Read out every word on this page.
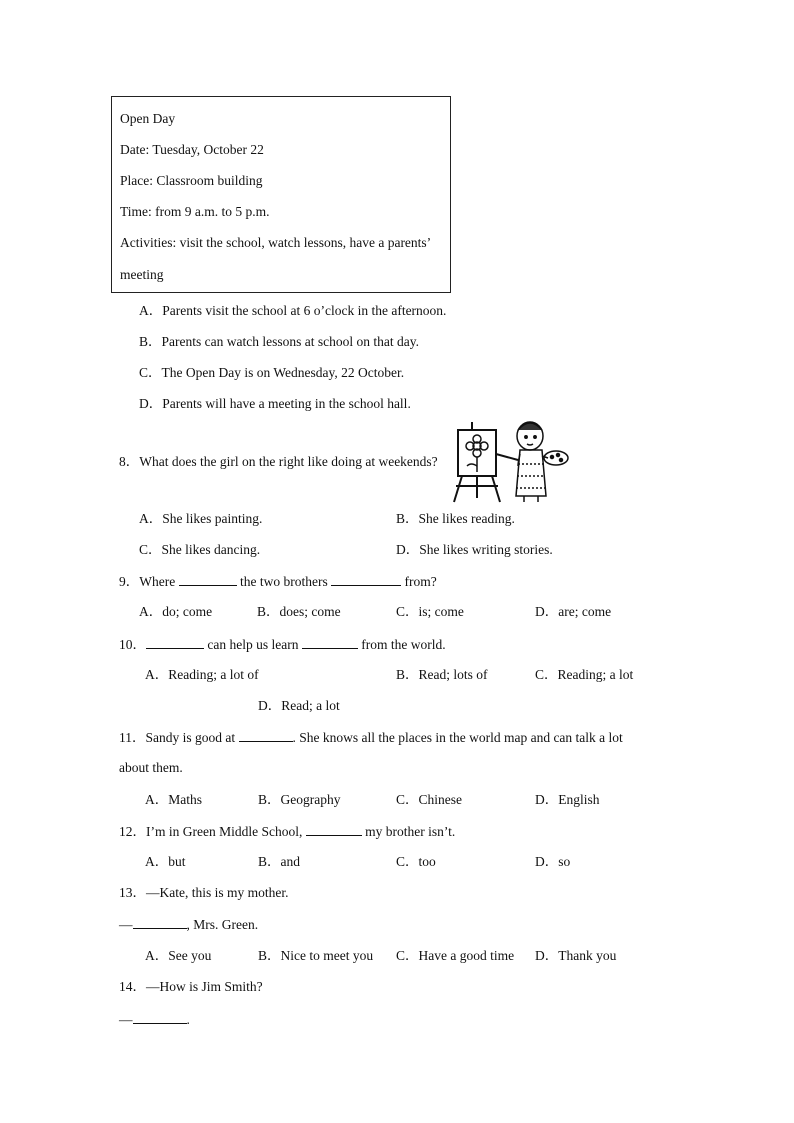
Open Day
Date: Tuesday, October 22
Place: Classroom building
Time: from 9 a.m. to 5 p.m.
Activities: visit the school, watch lessons, have a parents’
meeting
A．Parents visit the school at 6 o’clock in the afternoon.
B．Parents can watch lessons at school on that day.
C．The Open Day is on Wednesday, 22 October.
D．Parents will have a meeting in the school hall.
8．What does the girl on the right like doing at weekends?
A．She likes painting.	B．She likes reading.
C．She likes dancing.	D．She likes writing stories.
9．Where	the two brothers	from?
A．do; come	B．does; come	C．is; come	D．are; come
10．	can help us learn	from the world.
A．Reading; a lot of	B．Read; lots of	C．Reading; a lot
D．Read; a lot
11．Sandy is good at	. She knows all the places in the world map and can talk a lot
about them.
A．Maths	B．Geography	C．Chinese	D．English
12．I’m in Green Middle School,	my brother isn’t.
A．but	B．and	C．too	D．so
13．—Kate, this is my mother.
—	, Mrs. Green.
A．See you	B．Nice to meet you C．Have a good time D．Thank you
14．—How is Jim Smith?
—	.
